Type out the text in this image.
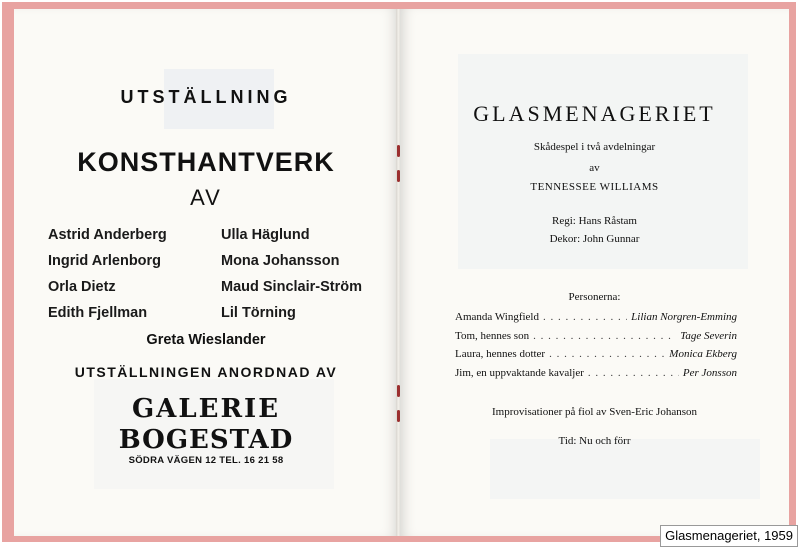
UTSTÄLLNING
KONSTHANTVERK
AV
Astrid Anderberg	Ulla Häglund
Ingrid Arlenborg	Mona Johansson
Orla Dietz	Maud Sinclair-Ström
Edith Fjellman	Lil Törning
Greta Wieslander
UTSTÄLLNINGEN ANORDNAD AV
GALERIE
BOGESTAD
SÖDRA VÄGEN 12 TEL. 16 21 58
GLASMENAGERIET
Skådespel i två avdelningar
av
TENNESSEE WILLIAMS
Regi: Hans Råstam
Dekor: John Gunnar
Personerna:
Amanda Wingfield . . .	Lilian Norgren-Emming
Tom, hennes son . . .	Tage Severin
Laura, hennes dotter . . .	Monica Ekberg
Jim, en uppvaktande kavaljer . . .	Per Jonsson
Improvisationer på fiol av Sven-Eric Johanson
Tid: Nu och förr
Glasmenageriet, 1959
